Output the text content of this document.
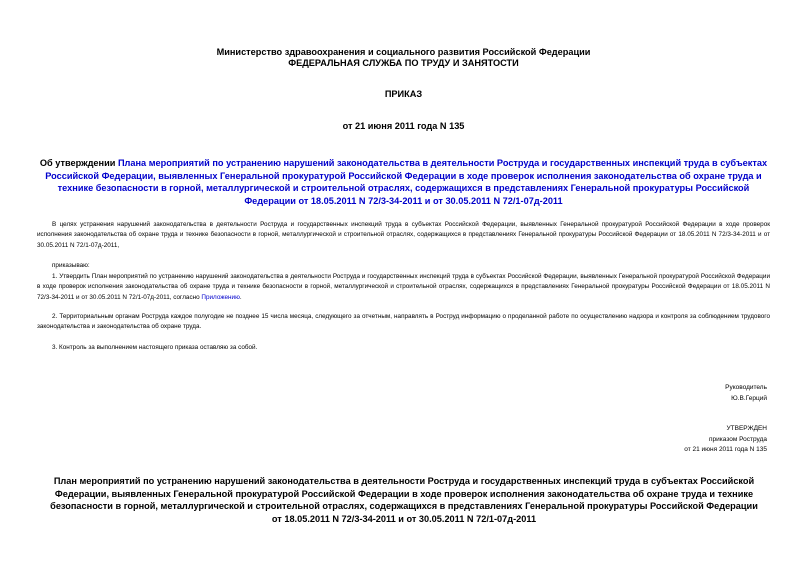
Министерство здравоохранения и социального развития Российской Федерации
ФЕДЕРАЛЬНАЯ СЛУЖБА ПО ТРУДУ И ЗАНЯТОСТИ
ПРИКАЗ
от 21 июня 2011 года N 135
Об утверждении Плана мероприятий по устранению нарушений законодательства в деятельности Роструда и государственных инспекций труда в субъектах Российской Федерации, выявленных Генеральной прокуратурой Российской Федерации в ходе проверок исполнения законодательства об охране труда и технике безопасности в горной, металлургической и строительной отраслях, содержащихся в представлениях Генеральной прокуратуры Российской Федерации от 18.05.2011 N 72/3-34-2011 и от 30.05.2011 N 72/1-07д-2011
В целях устранения нарушений законодательства в деятельности Роструда и государственных инспекций труда в субъектах Российской Федерации, выявленных Генеральной прокуратурой Российской Федерации в ходе проверок исполнения законодательства об охране труда и технике безопасности в горной, металлургической и строительной отраслях, содержащихся в представлениях Генеральной прокуратуры Российской Федерации от 18.05.2011 N 72/3-34-2011 и от 30.05.2011 N 72/1-07д-2011,
приказываю:
1. Утвердить План мероприятий по устранению нарушений законодательства в деятельности Роструда и государственных инспекций труда в субъектах Российской Федерации, выявленных Генеральной прокуратурой Российской Федерации в ходе проверок исполнения законодательства об охране труда и технике безопасности в горной, металлургической и строительной отраслях, содержащихся в представлениях Генеральной прокуратуры Российской Федерации от 18.05.2011 N 72/3-34-2011 и от 30.05.2011 N 72/1-07д-2011, согласно Приложению.
2. Территориальным органам Роструда каждое полугодие не позднее 15 числа месяца, следующего за отчетным, направлять в Роструд информацию о проделанной работе по осуществлению надзора и контроля за соблюдением трудового законодательства и законодательства об охране труда.
3. Контроль за выполнением настоящего приказа оставляю за собой.
Руководитель
Ю.В.Герций
УТВЕРЖДЕН
приказом Роструда
от 21 июня 2011 года N 135
План мероприятий по устранению нарушений законодательства в деятельности Роструда и государственных инспекций труда в субъектах Российской Федерации, выявленных Генеральной прокуратурой Российской Федерации в ходе проверок исполнения законодательства об охране труда и технике безопасности в горной, металлургической и строительной отраслях, содержащихся в представлениях Генеральной прокуратуры Российской Федерации от 18.05.2011 N 72/3-34-2011 и от 30.05.2011 N 72/1-07д-2011
